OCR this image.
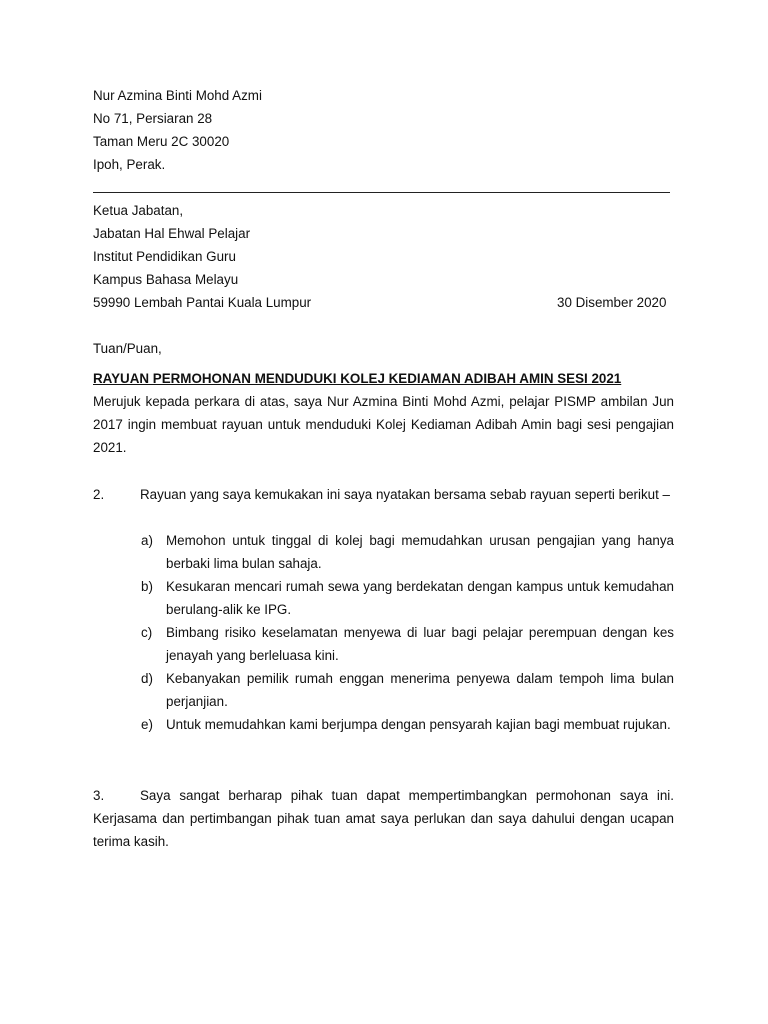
Nur Azmina Binti Mohd Azmi
No 71, Persiaran 28
Taman Meru 2C 30020
Ipoh, Perak.
Ketua Jabatan,
Jabatan Hal Ehwal Pelajar
Institut Pendidikan Guru
Kampus Bahasa Melayu
59990 Lembah Pantai Kuala Lumpur	30 Disember 2020
Tuan/Puan,
RAYUAN PERMOHONAN MENDUDUKI KOLEJ KEDIAMAN ADIBAH AMIN SESI 2021
Merujuk kepada perkara di atas, saya Nur Azmina Binti Mohd Azmi, pelajar PISMP ambilan Jun 2017 ingin membuat rayuan untuk menduduki Kolej Kediaman Adibah Amin bagi sesi pengajian 2021.
2.	Rayuan yang saya kemukakan ini saya nyatakan bersama sebab rayuan seperti berikut –
a) Memohon untuk tinggal di kolej bagi memudahkan urusan pengajian yang hanya berbaki lima bulan sahaja.
b) Kesukaran mencari rumah sewa yang berdekatan dengan kampus untuk kemudahan berulang-alik ke IPG.
c) Bimbang risiko keselamatan menyewa di luar bagi pelajar perempuan dengan kes jenayah yang berleluasa kini.
d) Kebanyakan pemilik rumah enggan menerima penyewa dalam tempoh lima bulan perjanjian.
e) Untuk memudahkan kami berjumpa dengan pensyarah kajian bagi membuat rujukan.
3.	Saya sangat berharap pihak tuan dapat mempertimbangkan permohonan saya ini. Kerjasama dan pertimbangan pihak tuan amat saya perlukan dan saya dahului dengan ucapan terima kasih.
